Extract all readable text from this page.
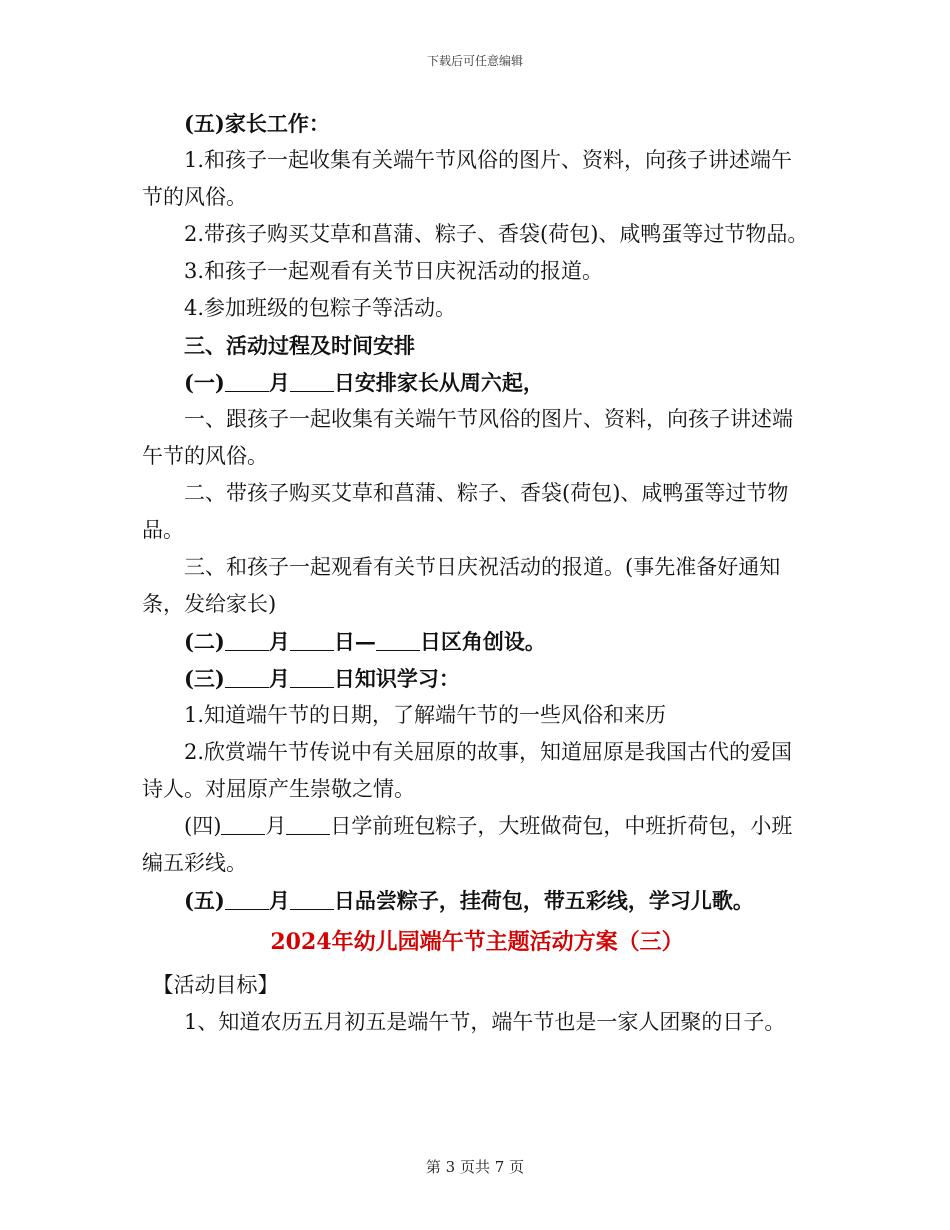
下载后可任意编辑

(五)家长工作：

1.和孩子一起收集有关端午节风俗的图片、资料，向孩子讲述端午节的风俗。

2.带孩子购买艾草和菖蒲、粽子、香袋(荷包)、咸鸭蛋等过节物品。

3.和孩子一起观看有关节日庆祝活动的报道。

4.参加班级的包粽子等活动。

三、活动过程及时间安排

(一) 月 日安排家长从周六起，

一、跟孩子一起收集有关端午节风俗的图片、资料，向孩子讲述端午节的风俗。

二、带孩子购买艾草和菖蒲、粽子、香袋(荷包)、咸鸭蛋等过节物品。

三、和孩子一起观看有关节日庆祝活动的报道。(事先准备好通知条，发给家长)

(二) 月 日— 日区角创设。

(三) 月 日知识学习：

1.知道端午节的日期，了解端午节的一些风俗和来历

2.欣赏端午节传说中有关屈原的故事，知道屈原是我国古代的爱国诗人。对屈原产生崇敬之情。

(四) 月 日学前班包粽子，大班做荷包，中班折荷包，小班编五彩线。

(五) 月 日品尝粽子，挂荷包，带五彩线，学习儿歌。

2024年幼儿园端午节主题活动方案（三）

【活动目标】

1、知道农历五月初五是端午节，端午节也是一家人团聚的日子。

第 3 页共 7 页
